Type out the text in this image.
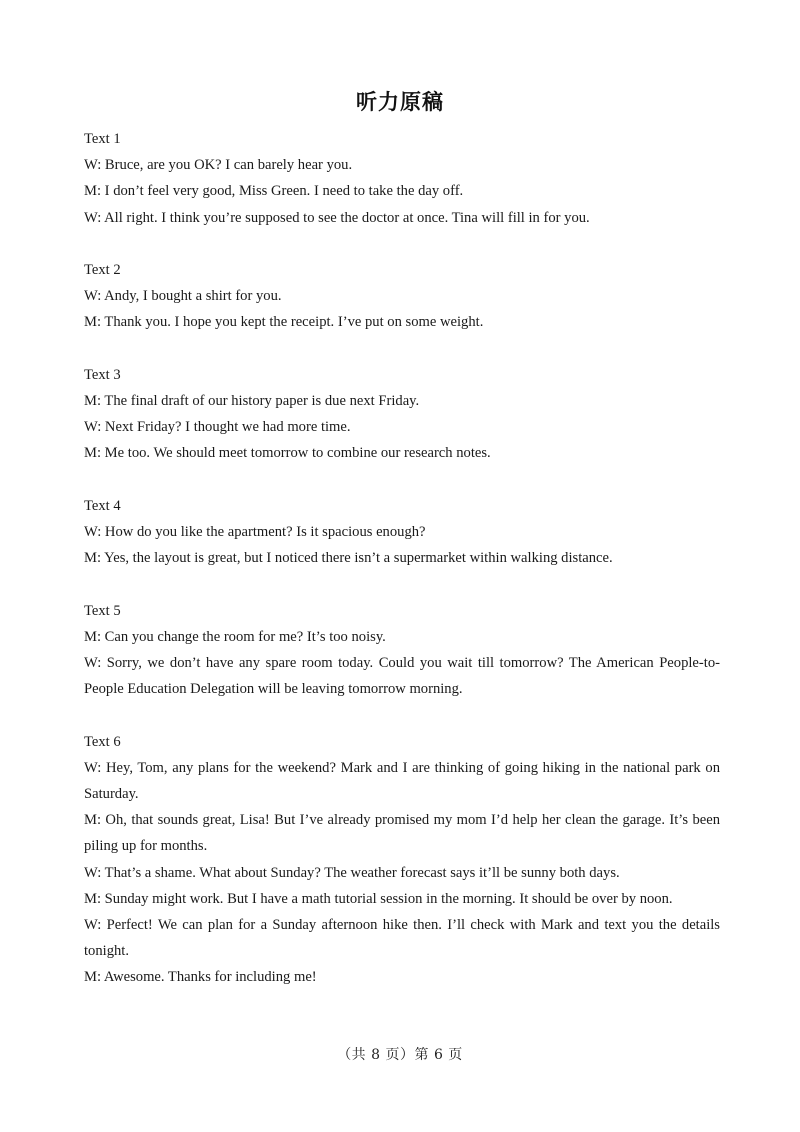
听力原稿

Text 1

W: Bruce, are you OK? I can barely hear you.

M: I don’t feel very good, Miss Green. I need to take the day off.

W: All right. I think you’re supposed to see the doctor at once. Tina will fill in for you.

Text 2

W: Andy, I bought a shirt for you.

M: Thank you. I hope you kept the receipt. I’ve put on some weight.

Text 3

M: The final draft of our history paper is due next Friday.

W: Next Friday? I thought we had more time.

M: Me too. We should meet tomorrow to combine our research notes.

Text 4

W: How do you like the apartment? Is it spacious enough?

M: Yes, the layout is great, but I noticed there isn’t a supermarket within walking distance.

Text 5

M: Can you change the room for me? It’s too noisy.

W: Sorry, we don’t have any spare room today. Could you wait till tomorrow? The American People-to-People Education Delegation will be leaving tomorrow morning.

Text 6

W: Hey, Tom, any plans for the weekend? Mark and I are thinking of going hiking in the national park on Saturday.

M: Oh, that sounds great, Lisa! But I’ve already promised my mom I’d help her clean the garage. It’s been piling up for months.

W: That’s a shame. What about Sunday? The weather forecast says it’ll be sunny both days.

M: Sunday might work. But I have a math tutorial session in the morning. It should be over by noon.

W: Perfect! We can plan for a Sunday afternoon hike then. I’ll check with Mark and text you the details tonight.

M: Awesome. Thanks for including me!

（共 8 页）第 6 页
